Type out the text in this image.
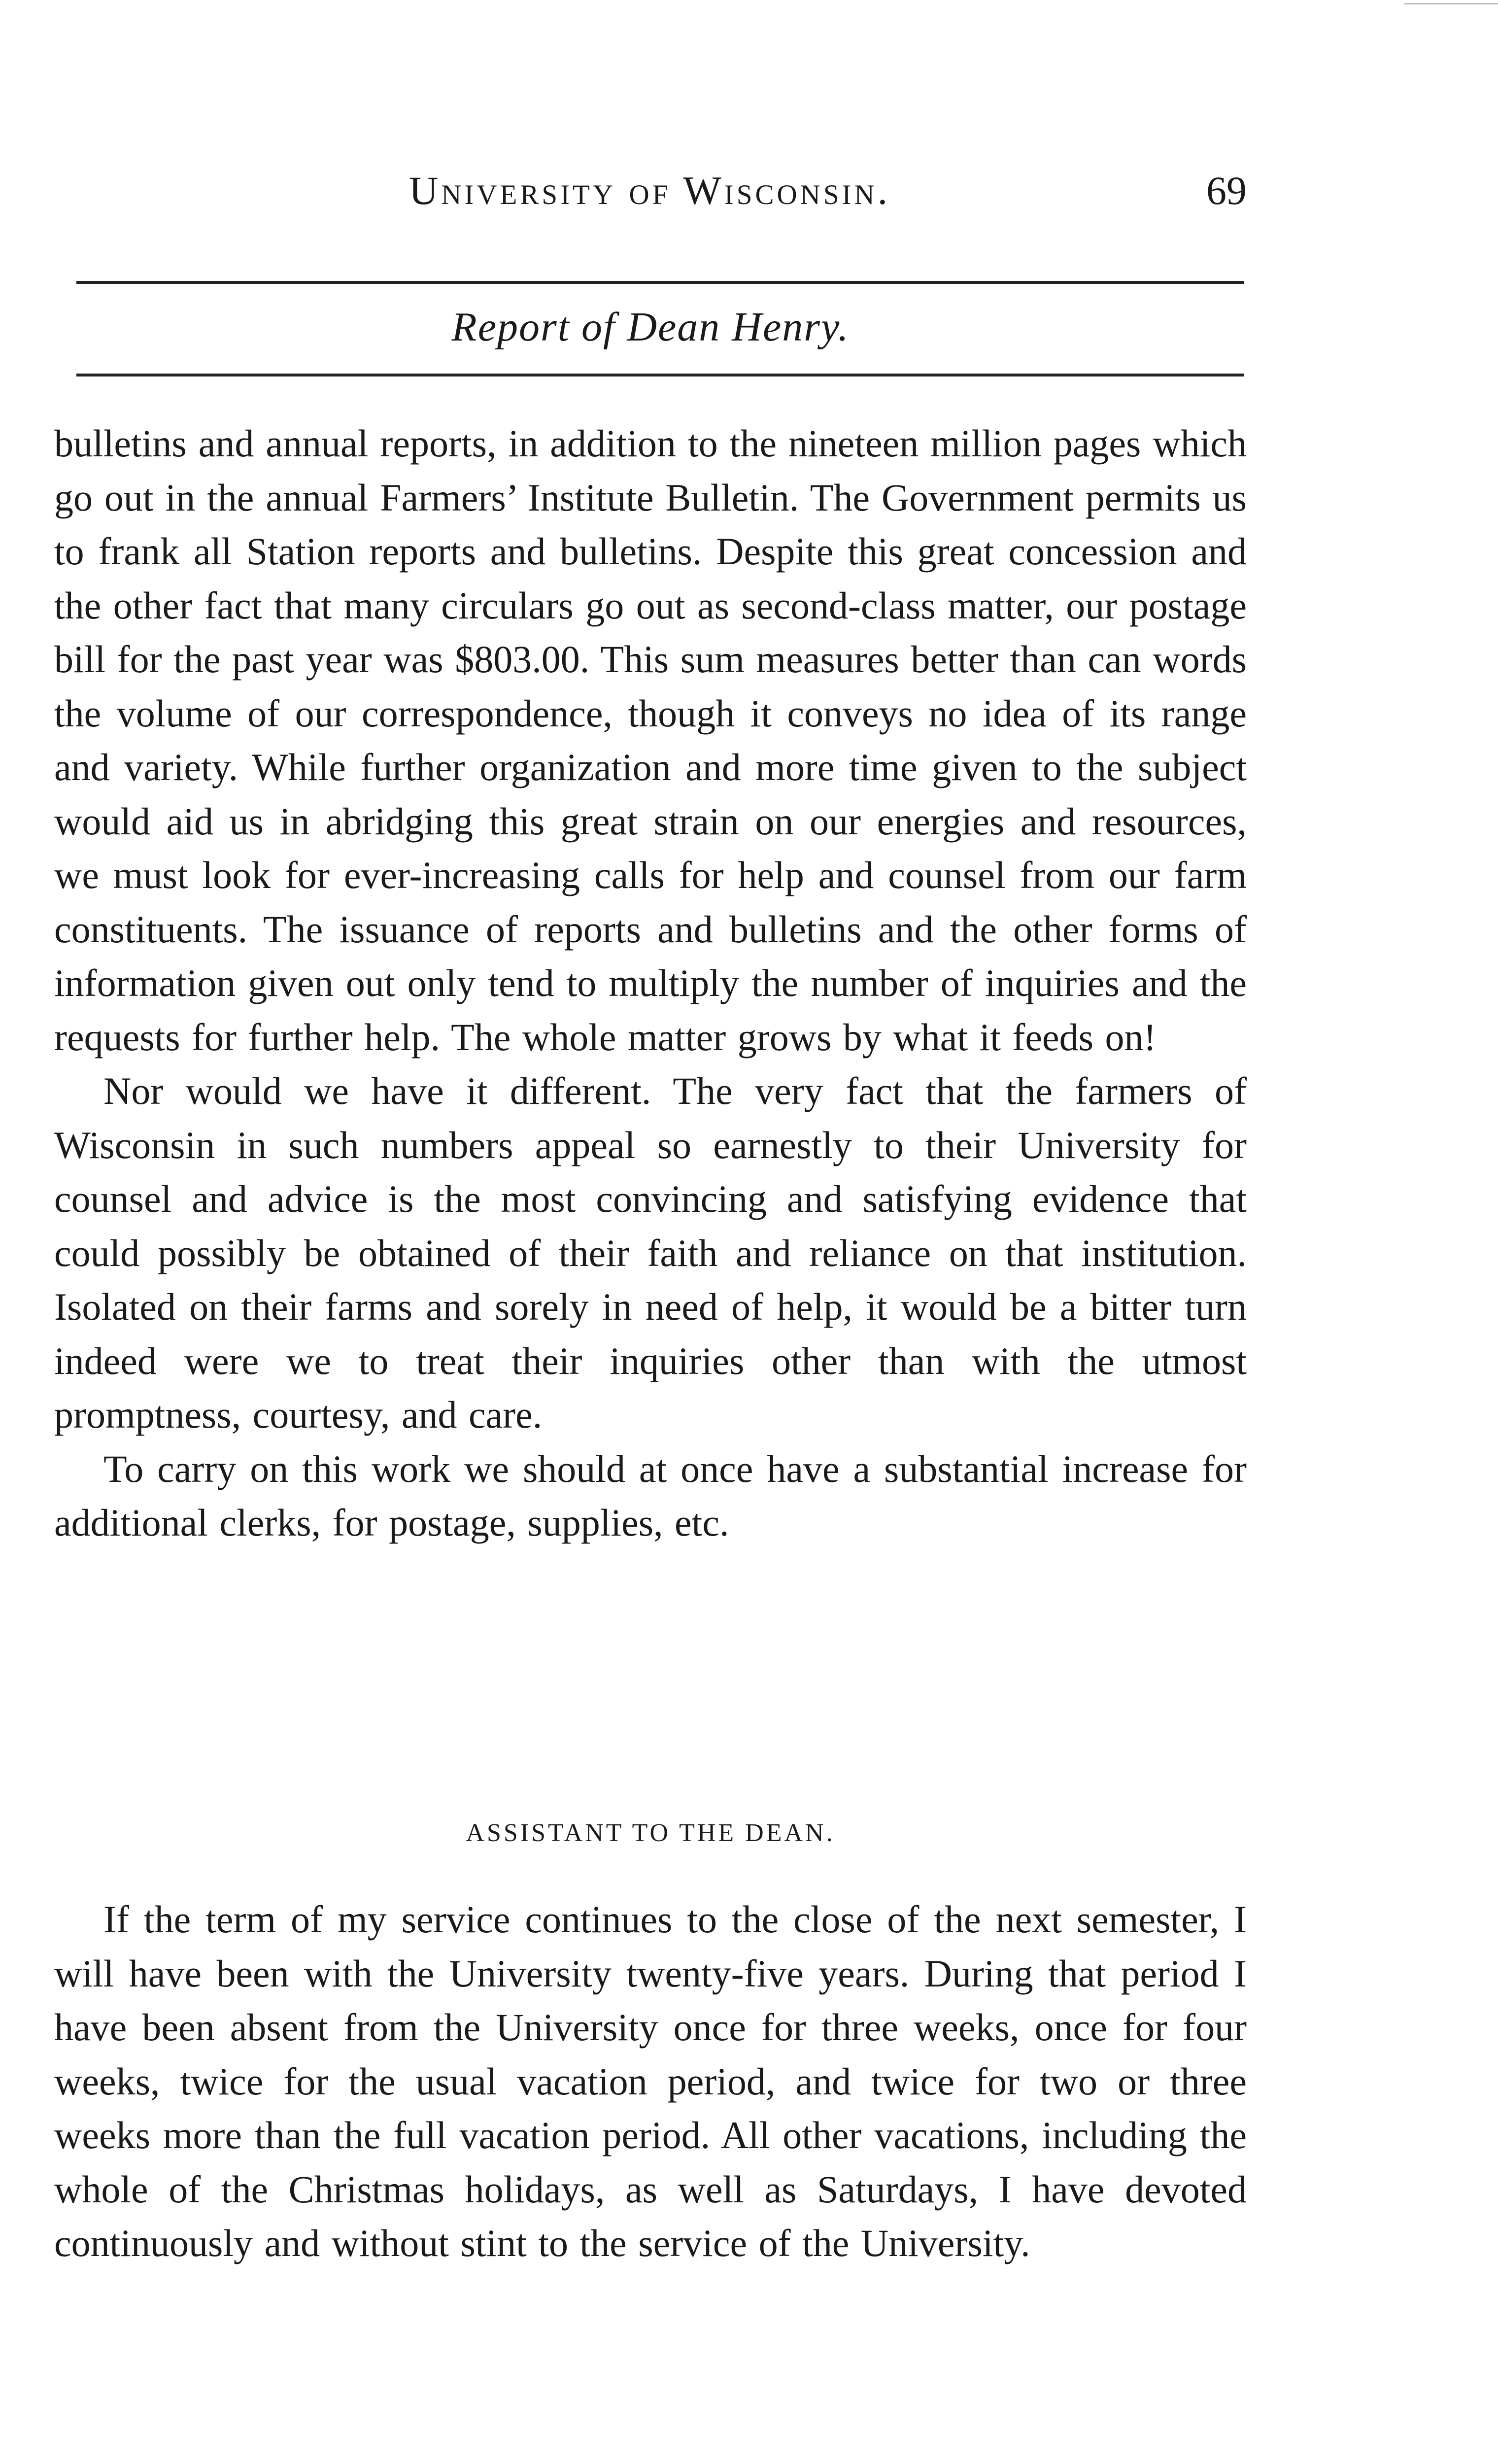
University of Wisconsin.	69
Report of Dean Henry.

bulletins and annual reports, in addition to the nineteen million pages which go out in the annual Farmers’ Institute Bulletin. The Government permits us to frank all Station reports and bulletins. Despite this great concession and the other fact that many circulars go out as second-class matter, our postage bill for the past year was $803.00. This sum measures better than can words the volume of our correspondence, though it conveys no idea of its range and variety. While further organization and more time given to the subject would aid us in abridging this great strain on our energies and resources, we must look for ever-increasing calls for help and counsel from our farm constituents. The issuance of reports and bulletins and the other forms of information given out only tend to multiply the number of inquiries and the requests for further help. The whole matter grows by what it feeds on!

Nor would we have it different. The very fact that the farmers of Wisconsin in such numbers appeal so earnestly to their University for counsel and advice is the most convincing and satisfying evidence that could possibly be obtained of their faith and reliance on that institution. Isolated on their farms and sorely in need of help, it would be a bitter turn indeed were we to treat their inquiries other than with the utmost promptness, courtesy, and care.

To carry on this work we should at once have a substantial increase for additional clerks, for postage, supplies, etc.

ASSISTANT TO THE DEAN.

If the term of my service continues to the close of the next semester, I will have been with the University twenty-five years. During that period I have been absent from the University once for three weeks, once for four weeks, twice for the usual vacation period, and twice for two or three weeks more than the full vacation period. All other vacations, including the whole of the Christmas holidays, as well as Saturdays, I have devoted continuously and without stint to the service of the University.
